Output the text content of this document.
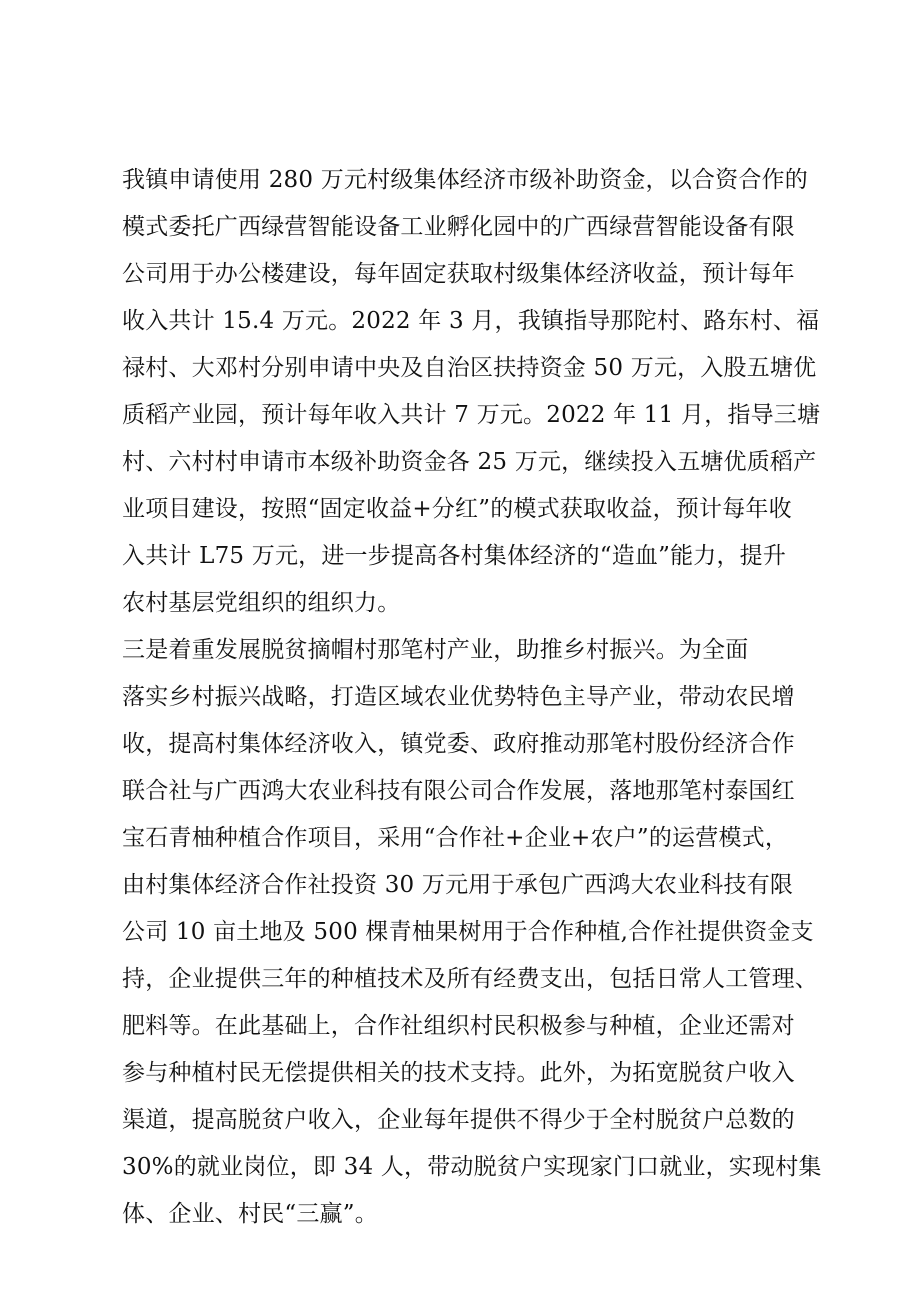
我镇申请使用 280 万元村级集体经济市级补助资金，以合资合作的
模式委托广西绿营智能设备工业孵化园中的广西绿营智能设备有限
公司用于办公楼建设，每年固定获取村级集体经济收益，预计每年
收入共计 15.4 万元。2022 年 3 月，我镇指导那陀村、路东村、福
禄村、大邓村分别申请中央及自治区扶持资金 50 万元，入股五塘优
质稻产业园，预计每年收入共计 7 万元。2022 年 11 月，指导三塘
村、六村村申请市本级补助资金各 25 万元，继续投入五塘优质稻产
业项目建设，按照“固定收益+分红”的模式获取收益，预计每年收
入共计 L75 万元，进一步提高各村集体经济的“造血”能力，提升
农村基层党组织的组织力。
三是着重发展脱贫摘帽村那笔村产业，助推乡村振兴。为全面
落实乡村振兴战略，打造区域农业优势特色主导产业，带动农民增
收，提高村集体经济收入，镇党委、政府推动那笔村股份经济合作
联合社与广西鸿大农业科技有限公司合作发展，落地那笔村泰国红
宝石青柚种植合作项目，采用“合作社+企业+农户”的运营模式，
由村集体经济合作社投资 30 万元用于承包广西鸿大农业科技有限
公司 10 亩土地及 500 棵青柚果树用于合作种植,合作社提供资金支
持，企业提供三年的种植技术及所有经费支出，包括日常人工管理、
肥料等。在此基础上，合作社组织村民积极参与种植，企业还需对
参与种植村民无偿提供相关的技术支持。此外，为拓宽脱贫户收入
渠道，提高脱贫户收入，企业每年提供不得少于全村脱贫户总数的
30%的就业岗位，即 34 人，带动脱贫户实现家门口就业，实现村集
体、企业、村民“三赢”。
